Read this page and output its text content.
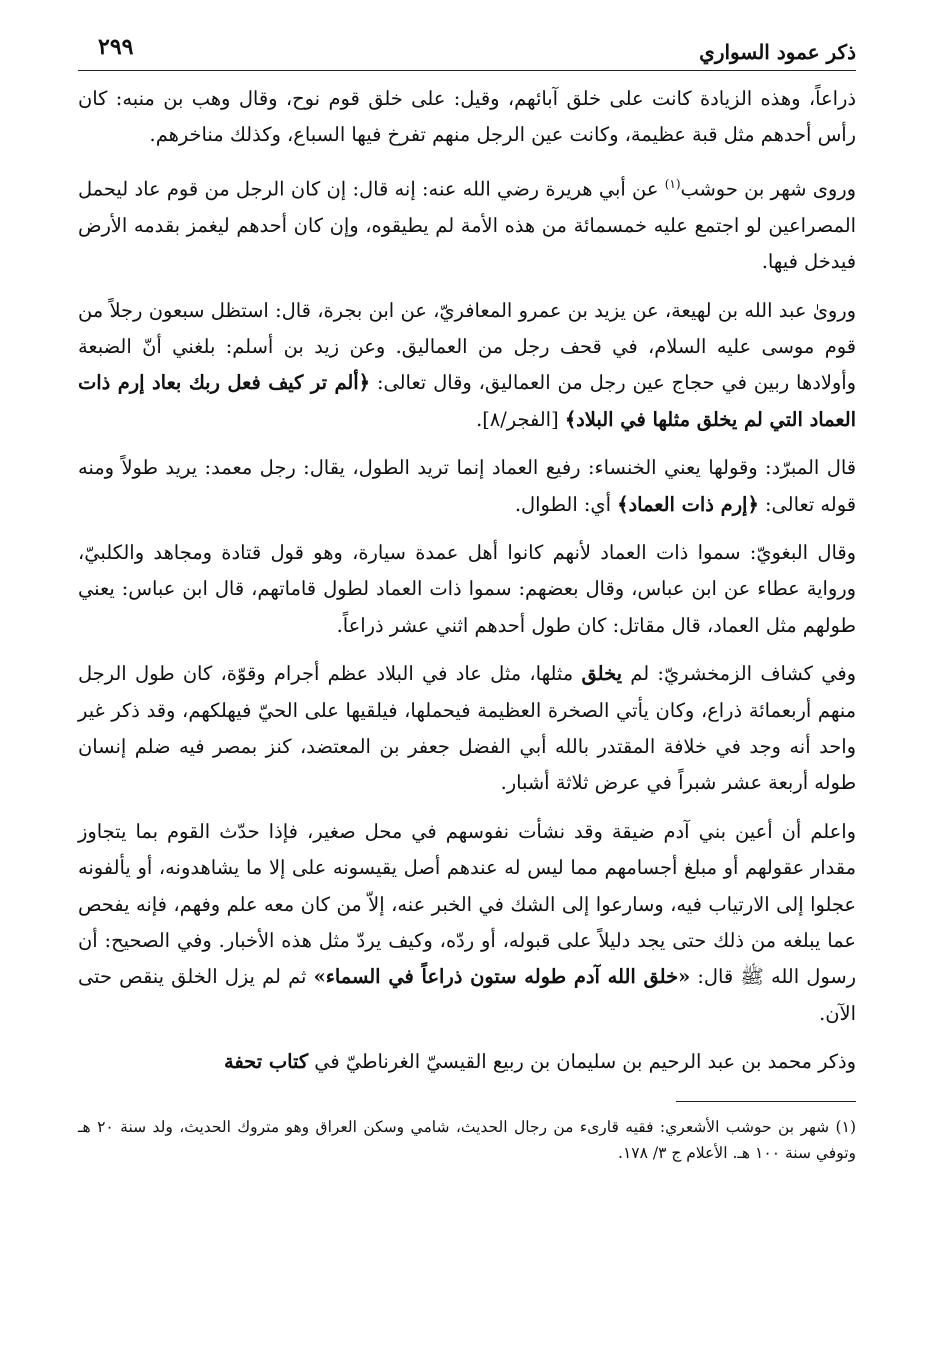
ذكر عمود السواري
٢٩٩

ذراعاً، وهذه الزيادة كانت على خلق آبائهم، وقيل: على خلق قوم نوح، وقال وهب بن منبه: كان رأس أحدهم مثل قبة عظيمة، وكانت عين الرجل منهم تفرخ فيها السباع، وكذلك مناخرهم.

وروى شهر بن حوشب$^{(١)}$ عن أبي هريرة رضي الله عنه: إنه قال: إن كان الرجل من قوم عاد ليحمل المصراعين لو اجتمع عليه خمسمائة من هذه الأمة لم يطيقوه، وإن كان أحدهم ليغمز بقدمه الأرض فيدخل فيها.

وروىٰ عبد الله بن لهيعة، عن يزيد بن عمرو المعافريّ، عن ابن بجرة، قال: استظل سبعون رجلاً من قوم موسى عليه السلام، في قحف رجل من العماليق. وعن زيد بن أسلم: بلغني أنّ الضبعة وأولادها ربين في حجاج عين رجل من العماليق، وقال تعالى: ﴿ألم تر كيف فعل ربك بعاد إرم ذات العماد التي لم يخلق مثلها في البلاد﴾ [الفجر/٨].

قال المبرّد: وقولها يعني الخنساء: رفيع العماد إنما تريد الطول، يقال: رجل معمد: يريد طولاً ومنه قوله تعالى: ﴿إرم ذات العماد﴾ أي: الطوال.

وقال البغويّ: سموا ذات العماد لأنهم كانوا أهل عمدة سيارة، وهو قول قتادة ومجاهد والكلبيّ، ورواية عطاء عن ابن عباس، وقال بعضهم: سموا ذات العماد لطول قاماتهم، قال ابن عباس: يعني طولهم مثل العماد، قال مقاتل: كان طول أحدهم اثني عشر ذراعاً.

وفي كشاف الزمخشريّ: لم يخلق مثلها، مثل عاد في البلاد عظم أجرام وقوّة، كان طول الرجل منهم أربعمائة ذراع، وكان يأتي الصخرة العظيمة فيحملها، فيلقيها على الحيّ فيهلكهم، وقد ذكر غير واحد أنه وجد في خلافة المقتدر بالله أبي الفضل جعفر بن المعتضد، كنز بمصر فيه ضلم إنسان طوله أربعة عشر شبراً في عرض ثلاثة أشبار.

واعلم أن أعين بني آدم ضيقة وقد نشأت نفوسهم في محل صغير، فإذا حدّث القوم بما يتجاوز مقدار عقولهم أو مبلغ أجسامهم مما ليس له عندهم أصل يقيسونه على إلا ما يشاهدونه، أو يألفونه عجلوا إلى الارتياب فيه، وسارعوا إلى الشك في الخبر عنه، إلاّ من كان معه علم وفهم، فإنه يفحص عما يبلغه من ذلك حتى يجد دليلاً على قبوله، أو ردّه، وكيف يردّ مثل هذه الأخبار. وفي الصحيح: أن رسول الله ﷺ قال: «خلق الله آدم طوله ستون ذراعاً في السماء» ثم لم يزل الخلق ينقص حتى الآن.

وذكر محمد بن عبد الرحيم بن سليمان بن ربيع القيسيّ الغرناطيّ في كتاب تحفة

(١) شهر بن حوشب الأشعري: فقيه قارىء من رجال الحديث، شامي وسكن العراق وهو متروك الحديث، ولد سنة ٢٠ هـ وتوفي سنة ١٠٠ هـ. الأعلام ج ٣/ ١٧٨.
